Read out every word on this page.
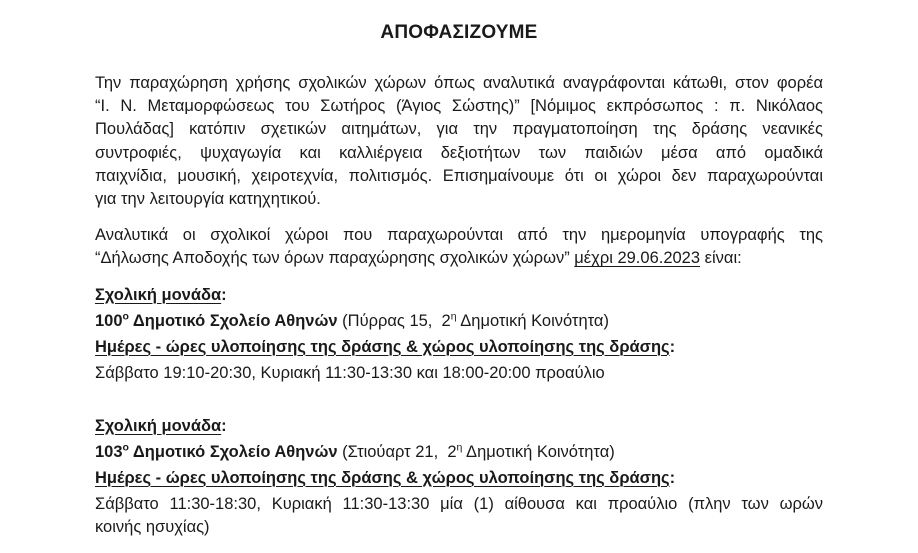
ΑΠΟΦΑΣΙΖΟΥΜΕ
Την παραχώρηση χρήσης σχολικών χώρων όπως αναλυτικά αναγράφονται κάτωθι, στον φορέα
“Ι. Ν. Μεταμορφώσεως του Σωτήρος (Άγιος Σώστης)” [Νόμιμος εκπρόσωπος : π. Νικόλαος
Πουλάδας] κατόπιν σχετικών αιτημάτων, για την πραγματοποίηση της δράσης νεανικές
συντροφιές, ψυχαγωγία και καλλιέργεια δεξιοτήτων των παιδιών μέσα από ομαδικά
παιχνίδια, μουσική, χειροτεχνία, πολιτισμός. Επισημαίνουμε ότι οι χώροι δεν παραχωρούνται
για την λειτουργία κατηχητικού.
Αναλυτικά οι σχολικοί χώροι που παραχωρούνται από την ημερομηνία υπογραφής της
“Δήλωσης Αποδοχής των όρων παραχώρησης σχολικών χώρων” μέχρι 29.06.2023 είναι:
Σχολική μονάδα:
$100^o$ Δημοτικό Σχολείο Αθηνών (Πύρρας 15,  $2^\eta$ Δημοτική Κοινότητα)
Ημέρες - ώρες υλοποίησης της δράσης & χώρος υλοποίησης της δράσης:
Σάββατο 19:10-20:30, Κυριακή 11:30-13:30 και 18:00-20:00 προαύλιο
Σχολική μονάδα:
$103^o$ Δημοτικό Σχολείο Αθηνών (Στιούαρτ 21,  $2^\eta$ Δημοτική Κοινότητα)
Ημέρες - ώρες υλοποίησης της δράσης & χώρος υλοποίησης της δράσης:
Σάββατο 11:30-18:30, Κυριακή 11:30-13:30 μία (1) αίθουσα και προαύλιο (πλην των ωρών
κοινής ησυχίας)
